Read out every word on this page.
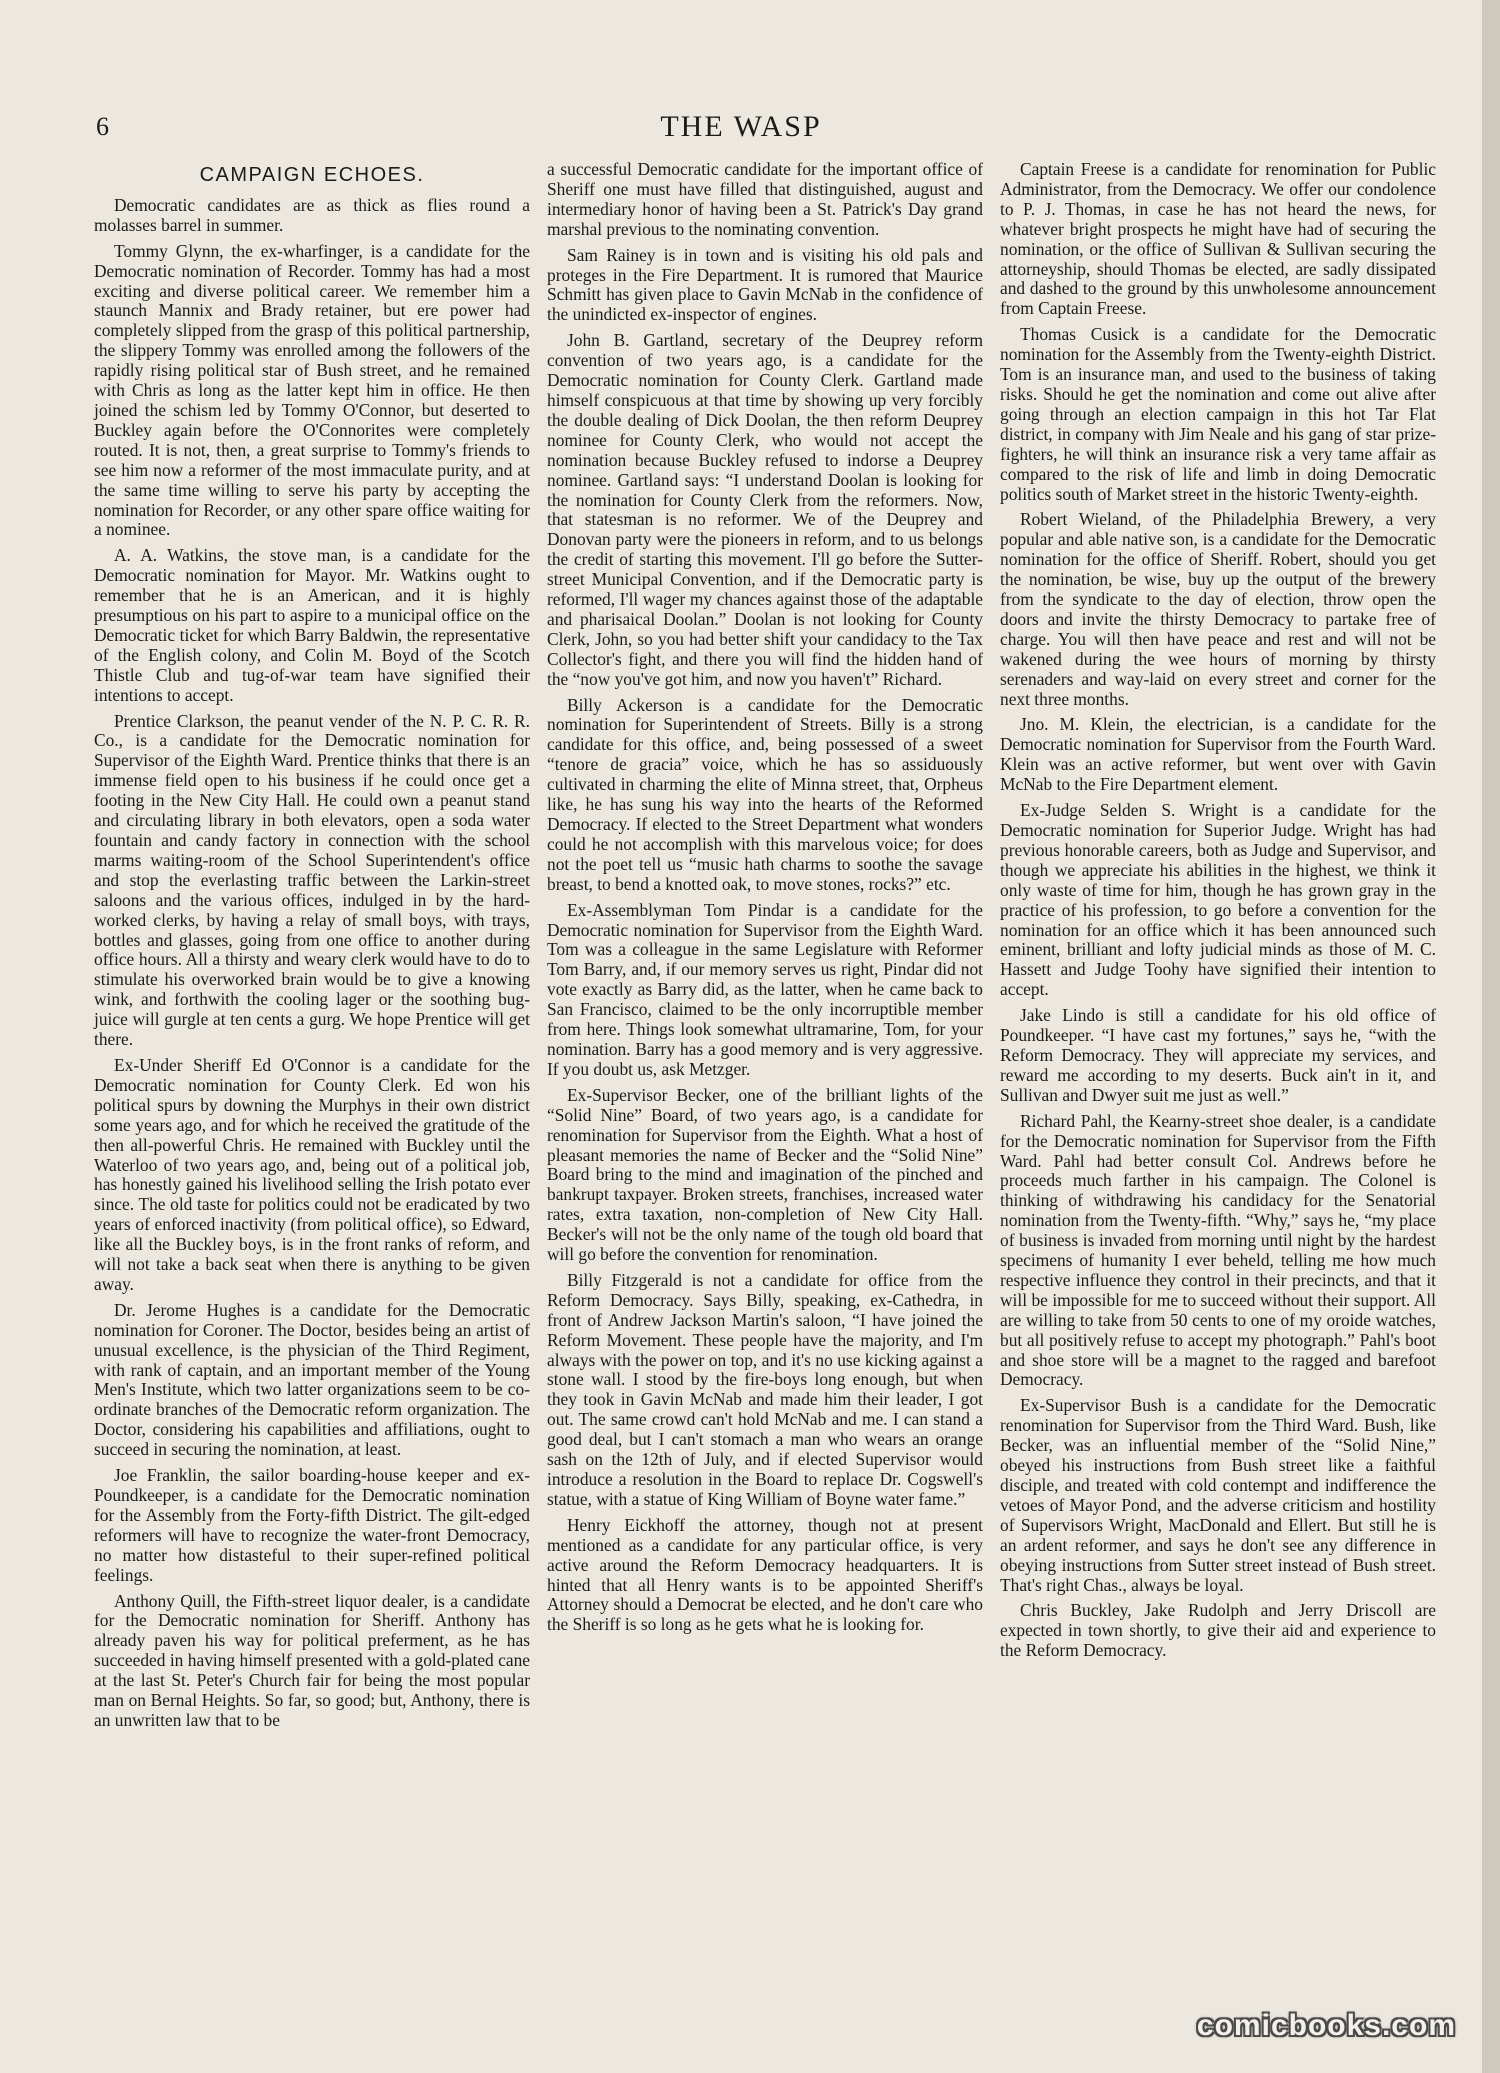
6	THE WASP
CAMPAIGN ECHOES.

Democratic candidates are as thick as flies round a molasses barrel in summer.

Tommy Glynn, the ex-wharfinger, is a candidate for the Democratic nomination of Recorder. Tommy has had a most exciting and diverse political career. We remember him a staunch Mannix and Brady retainer, but ere power had completely slipped from the grasp of this political partnership, the slippery Tommy was enrolled among the followers of the rapidly rising political star of Bush street, and he remained with Chris as long as the latter kept him in office. He then joined the schism led by Tommy O'Connor, but deserted to Buckley again before the O'Connorites were completely routed. It is not, then, a great surprise to Tommy's friends to see him now a reformer of the most immaculate purity, and at the same time willing to serve his party by accepting the nomination for Recorder, or any other spare office waiting for a nominee.

A. A. Watkins, the stove man, is a candidate for the Democratic nomination for Mayor. Mr. Watkins ought to remember that he is an American, and it is highly presumptious on his part to aspire to a municipal office on the Democratic ticket for which Barry Baldwin, the representative of the English colony, and Colin M. Boyd of the Scotch Thistle Club and tug-of-war team have signified their intentions to accept.

Prentice Clarkson, the peanut vender of the N. P. C. R. R. Co., is a candidate for the Democratic nomination for Supervisor of the Eighth Ward. Prentice thinks that there is an immense field open to his business if he could once get a footing in the New City Hall. He could own a peanut stand and circulating library in both elevators, open a soda water fountain and candy factory in connection with the school marms waiting-room of the School Superintendent's office and stop the everlasting traffic between the Larkin-street saloons and the various offices, indulged in by the hard-worked clerks, by having a relay of small boys, with trays, bottles and glasses, going from one office to another during office hours. All a thirsty and weary clerk would have to do to stimulate his overworked brain would be to give a knowing wink, and forthwith the cooling lager or the soothing bug-juice will gurgle at ten cents a gurg. We hope Prentice will get there.

Ex-Under Sheriff Ed O'Connor is a candidate for the Democratic nomination for County Clerk. Ed won his political spurs by downing the Murphys in their own district some years ago, and for which he received the gratitude of the then all-powerful Chris. He remained with Buckley until the Waterloo of two years ago, and, being out of a political job, has honestly gained his livelihood selling the Irish potato ever since. The old taste for politics could not be eradicated by two years of enforced inactivity (from political office), so Edward, like all the Buckley boys, is in the front ranks of reform, and will not take a back seat when there is anything to be given away.

Dr. Jerome Hughes is a candidate for the Democratic nomination for Coroner. The Doctor, besides being an artist of unusual excellence, is the physician of the Third Regiment, with rank of captain, and an important member of the Young Men's Institute, which two latter organizations seem to be co-ordinate branches of the Democratic reform organization. The Doctor, considering his capabilities and affiliations, ought to succeed in securing the nomination, at least.

Joe Franklin, the sailor boarding-house keeper and ex-Poundkeeper, is a candidate for the Democratic nomination for the Assembly from the Forty-fifth District. The gilt-edged reformers will have to recognize the water-front Democracy, no matter how distasteful to their super-refined political feelings.

Anthony Quill, the Fifth-street liquor dealer, is a candidate for the Democratic nomination for Sheriff. Anthony has already paven his way for political preferment, as he has succeeded in having himself presented with a gold-plated cane at the last St. Peter's Church fair for being the most popular man on Bernal Heights. So far, so good; but, Anthony, there is an unwritten law that to be

a successful Democratic candidate for the important office of Sheriff one must have filled that distinguished, august and intermediary honor of having been a St. Patrick's Day grand marshal previous to the nominating convention.

Sam Rainey is in town and is visiting his old pals and proteges in the Fire Department. It is rumored that Maurice Schmitt has given place to Gavin McNab in the confidence of the unindicted ex-inspector of engines.

John B. Gartland, secretary of the Deuprey reform convention of two years ago, is a candidate for the Democratic nomination for County Clerk. Gartland made himself conspicuous at that time by showing up very forcibly the double dealing of Dick Doolan, the then reform Deuprey nominee for County Clerk, who would not accept the nomination because Buckley refused to indorse a Deuprey nominee. Gartland says: “I understand Doolan is looking for the nomination for County Clerk from the reformers. Now, that statesman is no reformer. We of the Deuprey and Donovan party were the pioneers in reform, and to us belongs the credit of starting this movement. I'll go before the Sutter-street Municipal Convention, and if the Democratic party is reformed, I'll wager my chances against those of the adaptable and pharisaical Doolan.” Doolan is not looking for County Clerk, John, so you had better shift your candidacy to the Tax Collector's fight, and there you will find the hidden hand of the “now you've got him, and now you haven't” Richard.

Billy Ackerson is a candidate for the Democratic nomination for Superintendent of Streets. Billy is a strong candidate for this office, and, being possessed of a sweet “tenore de gracia” voice, which he has so assiduously cultivated in charming the elite of Minna street, that, Orpheus like, he has sung his way into the hearts of the Reformed Democracy. If elected to the Street Department what wonders could he not accomplish with this marvelous voice; for does not the poet tell us “music hath charms to soothe the savage breast, to bend a knotted oak, to move stones, rocks?” etc.

Ex-Assemblyman Tom Pindar is a candidate for the Democratic nomination for Supervisor from the Eighth Ward. Tom was a colleague in the same Legislature with Reformer Tom Barry, and, if our memory serves us right, Pindar did not vote exactly as Barry did, as the latter, when he came back to San Francisco, claimed to be the only incorruptible member from here. Things look somewhat ultramarine, Tom, for your nomination. Barry has a good memory and is very aggressive. If you doubt us, ask Metzger.

Ex-Supervisor Becker, one of the brilliant lights of the “Solid Nine” Board, of two years ago, is a candidate for renomination for Supervisor from the Eighth. What a host of pleasant memories the name of Becker and the “Solid Nine” Board bring to the mind and imagination of the pinched and bankrupt taxpayer. Broken streets, franchises, increased water rates, extra taxation, non-completion of New City Hall. Becker's will not be the only name of the tough old board that will go before the convention for renomination.

Billy Fitzgerald is not a candidate for office from the Reform Democracy. Says Billy, speaking, ex-Cathedra, in front of Andrew Jackson Martin's saloon, “I have joined the Reform Movement. These people have the majority, and I'm always with the power on top, and it's no use kicking against a stone wall. I stood by the fire-boys long enough, but when they took in Gavin McNab and made him their leader, I got out. The same crowd can't hold McNab and me. I can stand a good deal, but I can't stomach a man who wears an orange sash on the 12th of July, and if elected Supervisor would introduce a resolution in the Board to replace Dr. Cogswell's statue, with a statue of King William of Boyne water fame.”

Henry Eickhoff the attorney, though not at present mentioned as a candidate for any particular office, is very active around the Reform Democracy headquarters. It is hinted that all Henry wants is to be appointed Sheriff's Attorney should a Democrat be elected, and he don't care who the Sheriff is so long as he gets what he is looking for.

Captain Freese is a candidate for renomination for Public Administrator, from the Democracy. We offer our condolence to P. J. Thomas, in case he has not heard the news, for whatever bright prospects he might have had of securing the nomination, or the office of Sullivan & Sullivan securing the attorneyship, should Thomas be elected, are sadly dissipated and dashed to the ground by this unwholesome announcement from Captain Freese.

Thomas Cusick is a candidate for the Democratic nomination for the Assembly from the Twenty-eighth District. Tom is an insurance man, and used to the business of taking risks. Should he get the nomination and come out alive after going through an election campaign in this hot Tar Flat district, in company with Jim Neale and his gang of star prize-fighters, he will think an insurance risk a very tame affair as compared to the risk of life and limb in doing Democratic politics south of Market street in the historic Twenty-eighth.

Robert Wieland, of the Philadelphia Brewery, a very popular and able native son, is a candidate for the Democratic nomination for the office of Sheriff. Robert, should you get the nomination, be wise, buy up the output of the brewery from the syndicate to the day of election, throw open the doors and invite the thirsty Democracy to partake free of charge. You will then have peace and rest and will not be wakened during the wee hours of morning by thirsty serenaders and way-laid on every street and corner for the next three months.

Jno. M. Klein, the electrician, is a candidate for the Democratic nomination for Supervisor from the Fourth Ward. Klein was an active reformer, but went over with Gavin McNab to the Fire Department element.

Ex-Judge Selden S. Wright is a candidate for the Democratic nomination for Superior Judge. Wright has had previous honorable careers, both as Judge and Supervisor, and though we appreciate his abilities in the highest, we think it only waste of time for him, though he has grown gray in the practice of his profession, to go before a convention for the nomination for an office which it has been announced such eminent, brilliant and lofty judicial minds as those of M. C. Hassett and Judge Toohy have signified their intention to accept.

Jake Lindo is still a candidate for his old office of Poundkeeper. “I have cast my fortunes,” says he, “with the Reform Democracy. They will appreciate my services, and reward me according to my deserts. Buck ain't in it, and Sullivan and Dwyer suit me just as well.”

Richard Pahl, the Kearny-street shoe dealer, is a candidate for the Democratic nomination for Supervisor from the Fifth Ward. Pahl had better consult Col. Andrews before he proceeds much farther in his campaign. The Colonel is thinking of withdrawing his candidacy for the Senatorial nomination from the Twenty-fifth. “Why,” says he, “my place of business is invaded from morning until night by the hardest specimens of humanity I ever beheld, telling me how much respective influence they control in their precincts, and that it will be impossible for me to succeed without their support. All are willing to take from 50 cents to one of my oroide watches, but all positively refuse to accept my photograph.” Pahl's boot and shoe store will be a magnet to the ragged and barefoot Democracy.

Ex-Supervisor Bush is a candidate for the Democratic renomination for Supervisor from the Third Ward. Bush, like Becker, was an influential member of the “Solid Nine,” obeyed his instructions from Bush street like a faithful disciple, and treated with cold contempt and indifference the vetoes of Mayor Pond, and the adverse criticism and hostility of Supervisors Wright, MacDonald and Ellert. But still he is an ardent reformer, and says he don't see any difference in obeying instructions from Sutter street instead of Bush street. That's right Chas., always be loyal.

Chris Buckley, Jake Rudolph and Jerry Driscoll are expected in town shortly, to give their aid and experience to the Reform Democracy.

comicbooks.com
